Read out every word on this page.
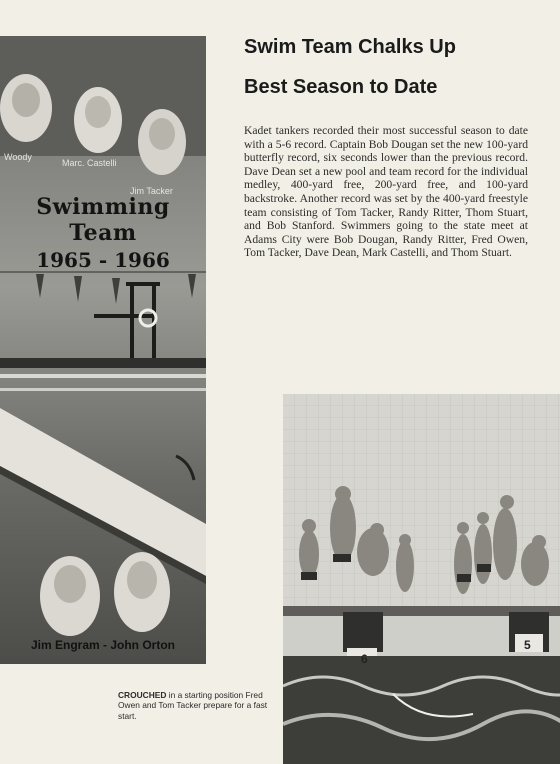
Woody
Marc. Castelli
Jim Tacker
Swimming Team
1965 - 1966
Jim Engram - John Orton
Swim Team Chalks Up
Best Season to Date
Kadet tankers recorded their most successful season to date with a 5-6 record. Captain Bob Dougan set the new 100-yard butterfly record, six seconds lower than the previous record. Dave Dean set a new pool and team record for the individual medley, 400-yard free, 200-yard free, and 100-yard backstroke. Another record was set by the 400-yard freestyle team consisting of Tom Tacker, Randy Ritter, Thom Stuart, and Bob Stanford. Swimmers going to the state meet at Adams City were Bob Dougan, Randy Ritter, Fred Owen, Tom Tacker, Dave Dean, Mark Castelli, and Thom Stuart.
6
5
CROUCHED in a starting position Fred Owen and Tom Tacker prepare for a fast start.
